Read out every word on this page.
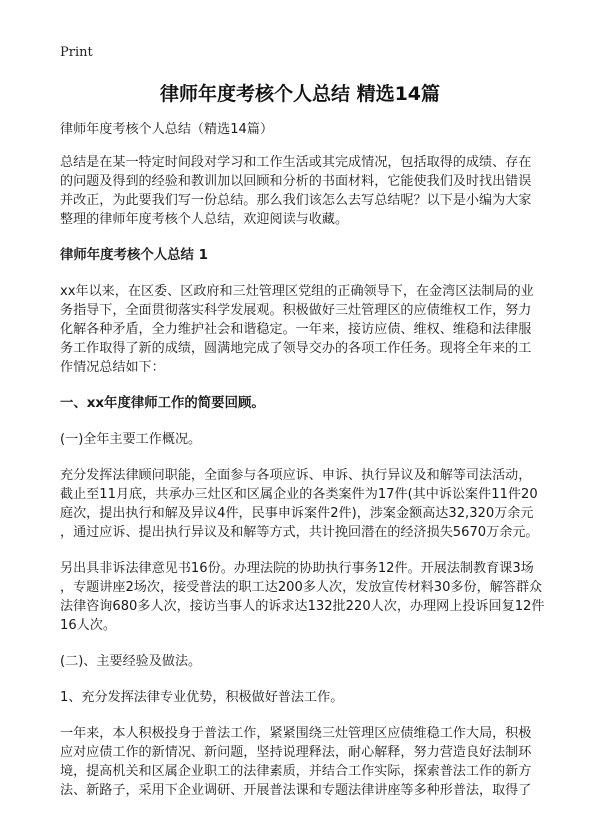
Print
律师年度考核个人总结 精选14篇

律师年度考核个人总结（精选14篇）

总结是在某一特定时间段对学习和工作生活或其完成情况，包括取得的成绩、存在
的问题及得到的经验和教训加以回顾和分析的书面材料，它能使我们及时找出错误
并改正，为此要我们写一份总结。那么我们该怎么去写总结呢？以下是小编为大家
整理的律师年度考核个人总结，欢迎阅读与收藏。

律师年度考核个人总结 1

xx年以来，在区委、区政府和三灶管理区党组的正确领导下，在金湾区法制局的业
务指导下，全面贯彻落实科学发展观。积极做好三灶管理区的应债维权工作，努力
化解各种矛盾，全力维护社会和谐稳定。一年来，接访应债、维权、维稳和法律服
务工作取得了新的成绩，圆满地完成了领导交办的各项工作任务。现将全年来的工
作情况总结如下：

一、xx年度律师工作的简要回顾。

(一)全年主要工作概况。

充分发挥法律顾问职能，全面参与各项应诉、申诉、执行异议及和解等司法活动，
截止至11月底，共承办三灶区和区属企业的各类案件为17件(其中诉讼案件11件20
庭次，提出执行和解及异议4件，民事申诉案件2件)，涉案金额高达32,320万余元
，通过应诉、提出执行异议及和解等方式，共计挽回潜在的经济损失5670万余元。

另出具非诉法律意见书16份。办理法院的协助执行事务12件。开展法制教育课3场
，专题讲座2场次，接受普法的职工达200多人次，发放宣传材料30多份，解答群众
法律咨询680多人次，接访当事人的诉求达132批220人次，办理网上投诉回复12件
16人次。

(二)、主要经验及做法。

1、充分发挥法律专业优势，积极做好普法工作。

一年来，本人积极投身于普法工作，紧紧围绕三灶管理区应债维稳工作大局，积极
应对应债工作的新情况、新问题，坚持说理释法，耐心解释，努力营造良好法制环
境，提高机关和区属企业职工的法律素质，并结合工作实际，探索普法工作的新方
法、新路子，采用下企业调研、开展普法课和专题法律讲座等多种形普法，取得了
